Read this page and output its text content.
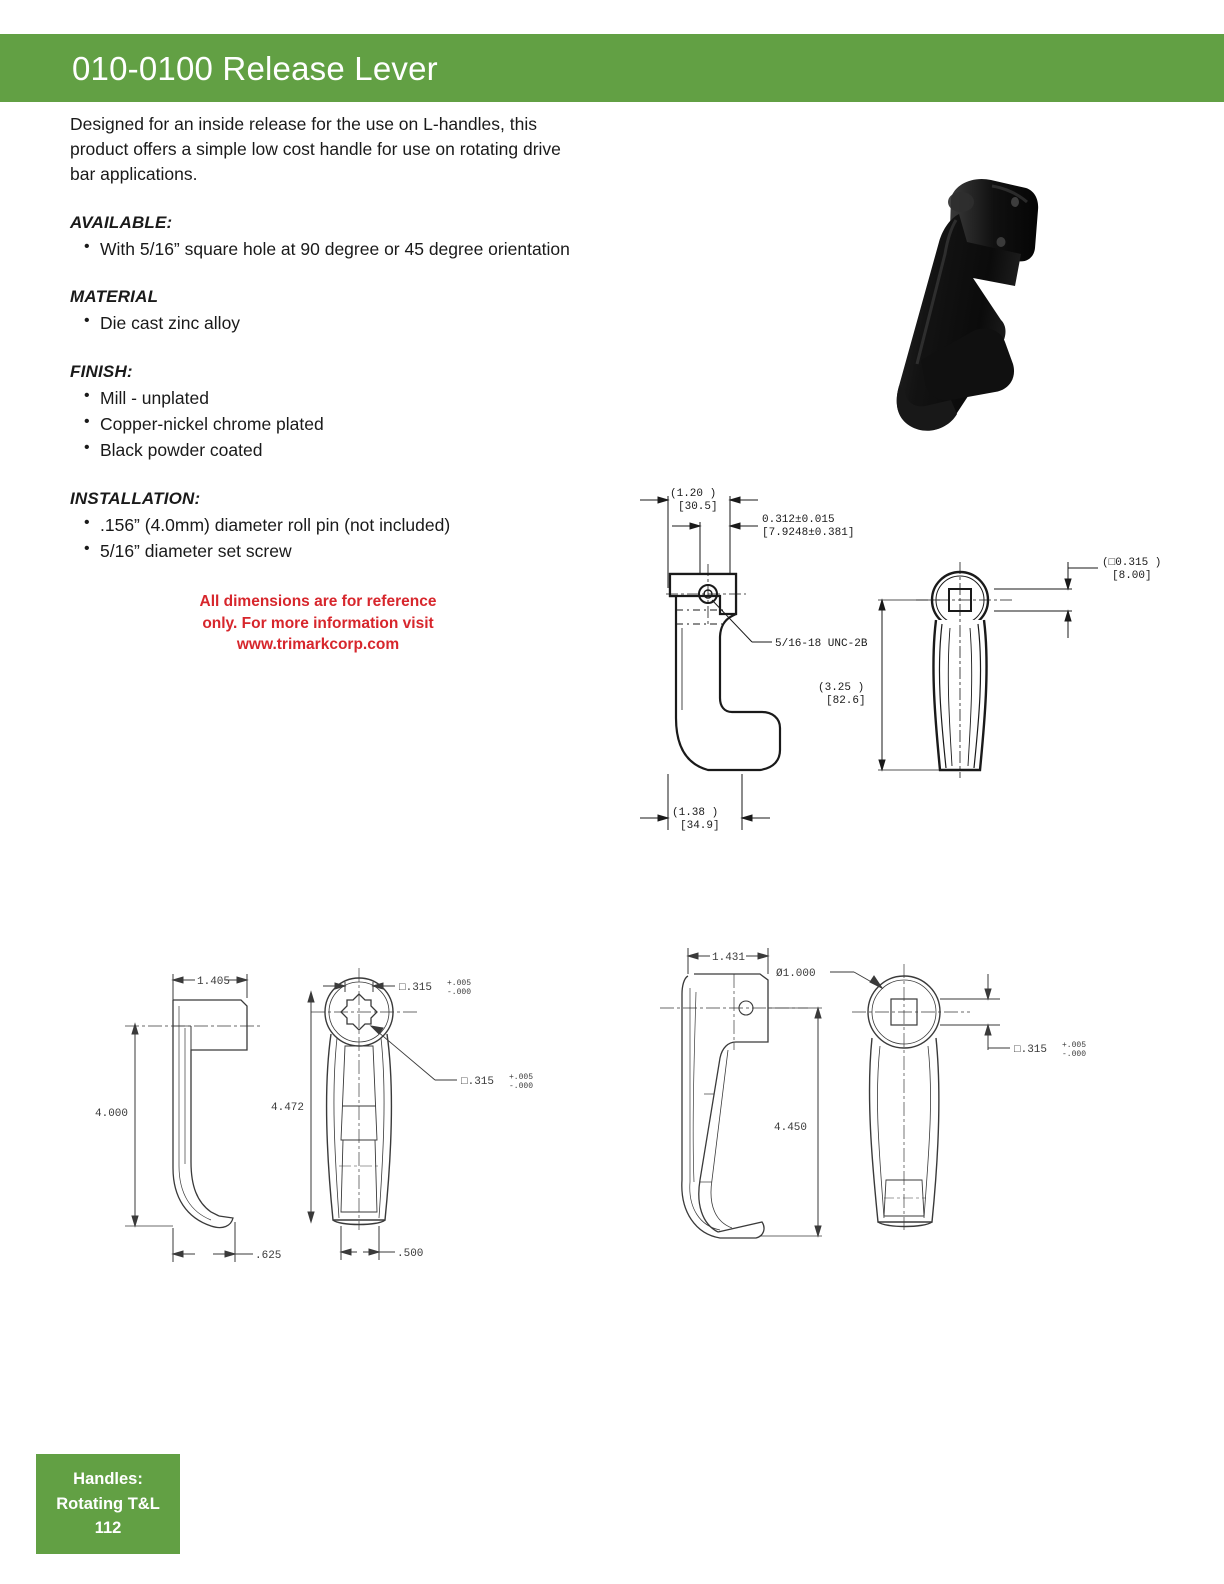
010-0100 Release Lever

Designed for an inside release for the use on L-handles, this product offers a simple low cost handle for use on rotating drive bar applications.

AVAILABLE:
• With 5/16” square hole at 90 degree or 45 degree orientation
MATERIAL
• Die cast zinc alloy
FINISH:
• Mill - unplated
• Copper-nickel chrome plated
• Black powder coated
INSTALLATION:
• .156” (4.0mm) diameter roll pin (not included)
• 5/16” diameter set screw
All dimensions are for reference
only. For more information visit
www.trimarkcorp.com
(1.20 )
[30.5]
0.312±0.015
[7.9248±0.381]
5/16-18 UNC-2B
(□0.315 )
[8.00]
(3.25 )
[82.6]
(1.38 )
[34.9]
1.405
4.000
.625
4.472
.500
□.315 +.005
-.000
□.315 +.005
-.000
1.431
4.450
Ø1.000
□.315 +.005
-.000
Handles:
Rotating T&L
112
